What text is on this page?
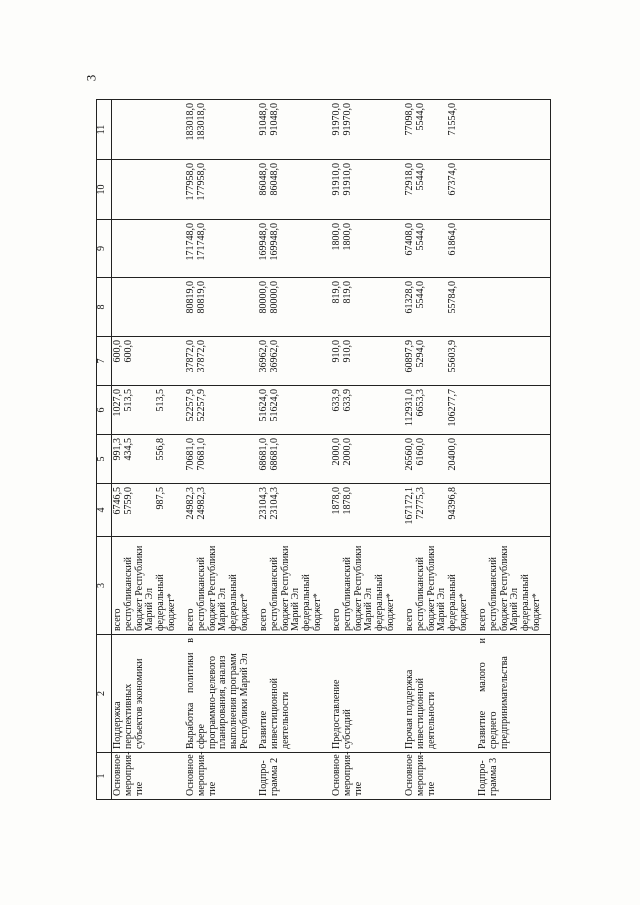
3
1	2	3	4	5	6	7	8	9	10	11

Основное мероприя- тие	Поддержка перспективных субъектов экономики	всего республиканский бюджет Республики Марий Эл федеральный бюджет*	6746,5 5759,0 987,5	991,3 434,5 556,8	1027,0 513,5 513,5	600,0 600,0				

Основное мероприя- тие	Выработка политики в сфере программно-целевого планирования, анализ выполнения программ Республики Марий Эл	всего республиканский бюджет Республики Марий Эл федеральный бюджет*	24982,3 24982,3	70681,0 70681,0	52257,9 52257,9	37872,0 37872,0	80819,0 80819,0	171748,0 171748,0	177958,0 177958,0	183018,0 183018,0

Подпро- грамма 2	Развитие инвестиционной деятельности	всего республиканский бюджет Республики Марий Эл федеральный бюджет*	23104,3 23104,3	68681,0 68681,0	51624,0 51624,0	36962,0 36962,0	80000,0 80000,0	169948,0 169948,0	86048,0 86048,0	91048,0 91048,0

Основное мероприя- тие	Предоставление субсидий	всего республиканский бюджет Республики Марий Эл федеральный бюджет*	1878,0 1878,0	2000,0 2000,0	633,9 633,9	910,0 910,0	819,0 819,0	1800,0 1800,0	91910,0 91910,0	91970,0 91970,0

Основное мероприя- тие	Прочая поддержка инвестиционной деятельности	всего республиканский бюджет Республики Марий Эл федеральный бюджет*	167172,1 72775,3 94396,8	26560,0 6160,0 20400,0	112931,0 6653,3 106277,7	60897,9 5294,0 55603,9	61328,0 5544,0 55784,0	67408,0 5544,0 61864,0	72918,0 5544,0 67374,0	77098,0 5544,0 71554,0

Подпро- грамма 3	Развитие малого и среднего предпринимательства	всего республиканский бюджет Республики Марий Эл федеральный бюджет*								
